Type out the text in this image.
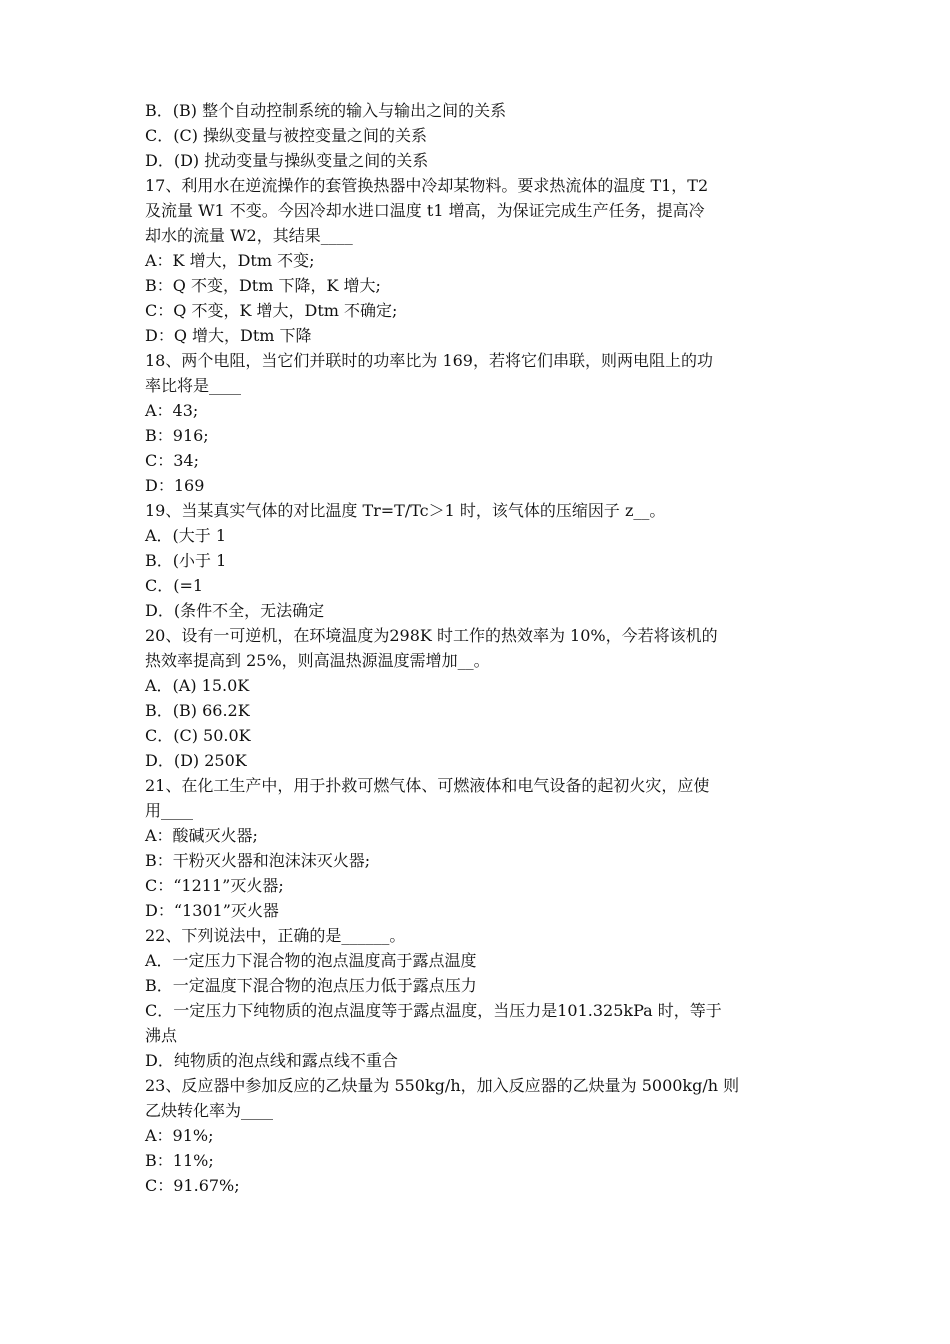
B．(B) 整个自动控制系统的输入与输出之间的关系
C．(C) 操纵变量与被控变量之间的关系
D．(D) 扰动变量与操纵变量之间的关系
17、利用水在逆流操作的套管换热器中冷却某物料。要求热流体的温度 T1，T2
及流量 W1 不变。今因冷却水进口温度 t1 增高，为保证完成生产任务，提高冷
却水的流量 W2，其结果____
A：K 增大，Dtm 不变;
B：Q 不变，Dtm 下降，K 增大;
C：Q 不变，K 增大，Dtm 不确定;
D：Q 增大，Dtm 下降
18、两个电阻，当它们并联时的功率比为 169，若将它们串联，则两电阻上的功
率比将是____
A：43;
B：916;
C：34;
D：169
19、当某真实气体的对比温度 Tr=T/Tc＞1 时，该气体的压缩因子 z__。
A．(大于 1
B．(小于 1
C．(=1
D．(条件不全，无法确定
20、设有一可逆机，在环境温度为298K 时工作的热效率为 10%，今若将该机的
热效率提高到 25%，则高温热源温度需增加__。
A．(A) 15.0K
B．(B) 66.2K
C．(C) 50.0K
D．(D) 250K
21、在化工生产中，用于扑救可燃气体、可燃液体和电气设备的起初火灾，应使
用____
A：酸碱灭火器;
B：干粉灭火器和泡沫沫灭火器;
C：“1211”灭火器;
D：“1301”灭火器
22、下列说法中，正确的是______。
A．一定压力下混合物的泡点温度高于露点温度
B．一定温度下混合物的泡点压力低于露点压力
C．一定压力下纯物质的泡点温度等于露点温度，当压力是101.325kPa 时，等于
沸点
D．纯物质的泡点线和露点线不重合
23、反应器中参加反应的乙炔量为 550kg/h，加入反应器的乙炔量为 5000kg/h 则
乙炔转化率为____
A：91%;
B：11%;
C：91.67%;
